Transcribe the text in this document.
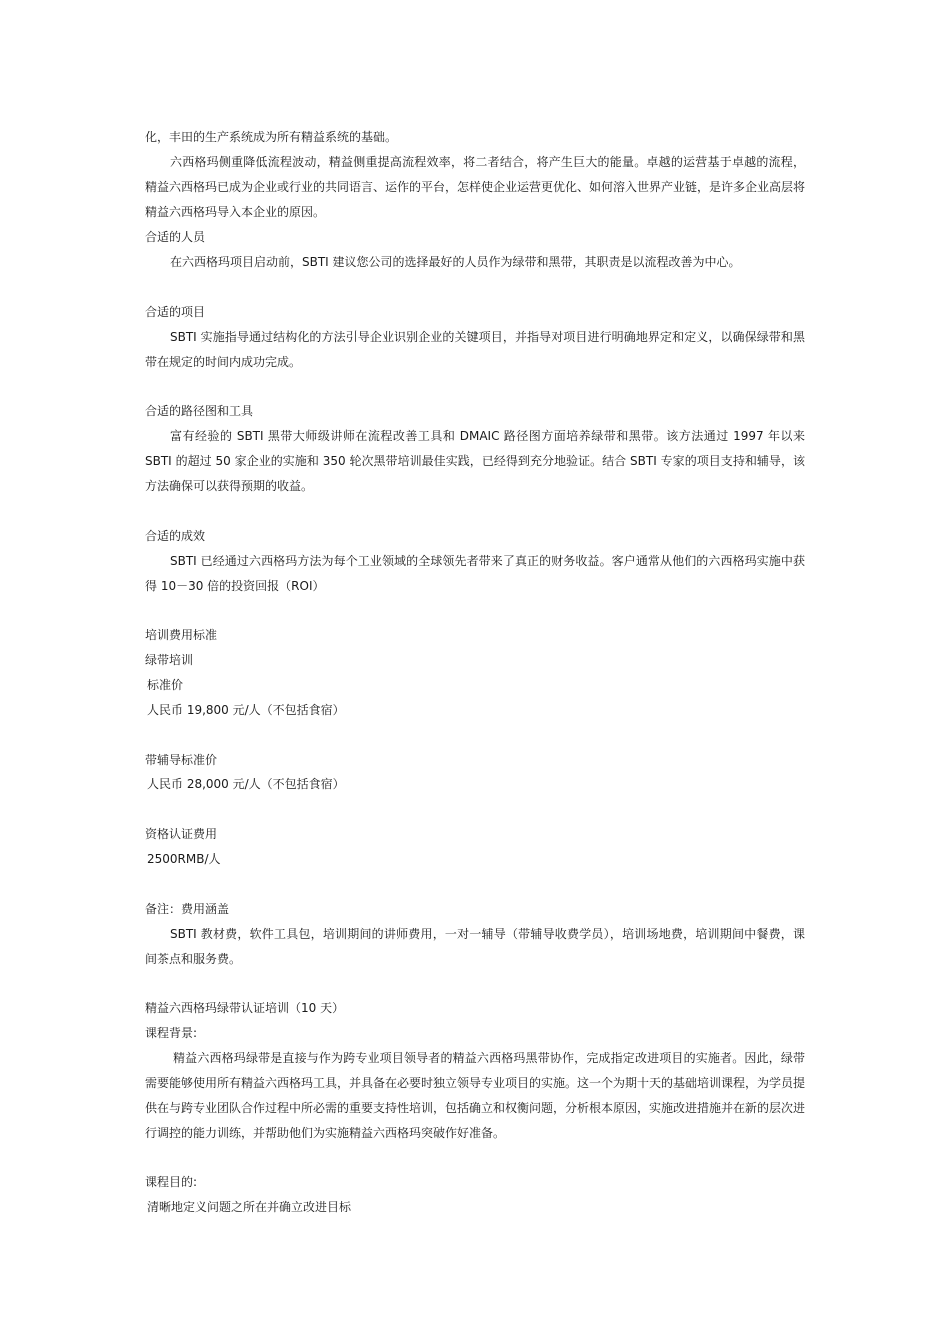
化，丰田的生产系统成为所有精益系统的基础。

六西格玛侧重降低流程波动，精益侧重提高流程效率，将二者结合，将产生巨大的能量。卓越的运营基于卓越的流程，精益六西格玛已成为企业或行业的共同语言、运作的平台，怎样使企业运营更优化、如何溶入世界产业链，是许多企业高层将精益六西格玛导入本企业的原因。

合适的人员

在六西格玛项目启动前，SBTI 建议您公司的选择最好的人员作为绿带和黑带，其职责是以流程改善为中心。

合适的项目

SBTI 实施指导通过结构化的方法引导企业识别企业的关键项目，并指导对项目进行明确地界定和定义，以确保绿带和黑带在规定的时间内成功完成。

合适的路径图和工具

富有经验的 SBTI 黑带大师级讲师在流程改善工具和 DMAIC 路径图方面培养绿带和黑带。该方法通过 1997 年以来 SBTI 的超过 50 家企业的实施和 350 轮次黑带培训最佳实践，已经得到充分地验证。结合 SBTI 专家的项目支持和辅导，该方法确保可以获得预期的收益。

合适的成效

SBTI 已经通过六西格玛方法为每个工业领域的全球领先者带来了真正的财务收益。客户通常从他们的六西格玛实施中获得 10－30 倍的投资回报（ROI）

培训费用标准

绿带培训

标准价

人民币 19,800 元/人（不包括食宿）

带辅导标准价

人民币 28,000 元/人（不包括食宿）

资格认证费用

2500RMB/人

备注：费用涵盖

SBTI 教材费，软件工具包，培训期间的讲师费用，一对一辅导（带辅导收费学员），培训场地费，培训期间中餐费，课间茶点和服务费。

精益六西格玛绿带认证培训（10 天）

课程背景:

精益六西格玛绿带是直接与作为跨专业项目领导者的精益六西格玛黑带协作，完成指定改进项目的实施者。因此，绿带需要能够使用所有精益六西格玛工具，并具备在必要时独立领导专业项目的实施。这一个为期十天的基础培训课程，为学员提供在与跨专业团队合作过程中所必需的重要支持性培训，包括确立和权衡问题，分析根本原因，实施改进措施并在新的层次进行调控的能力训练，并帮助他们为实施精益六西格玛突破作好准备。

课程目的:

清晰地定义问题之所在并确立改进目标
